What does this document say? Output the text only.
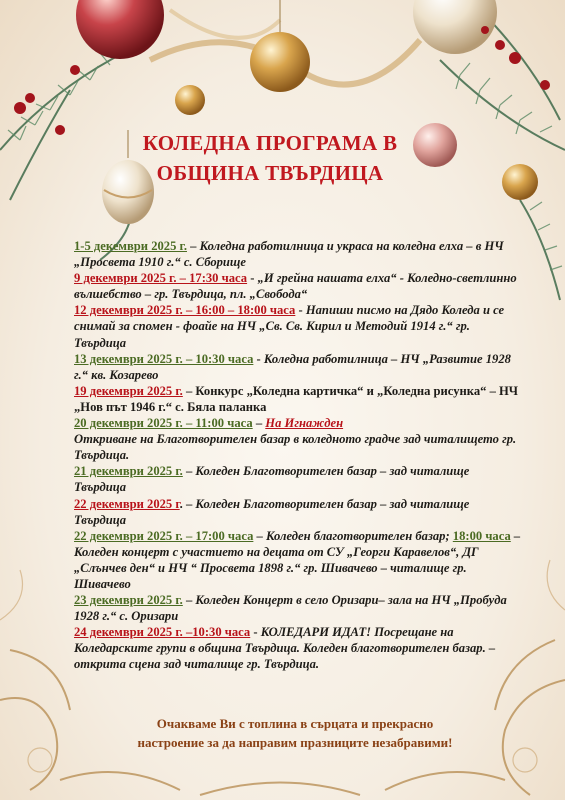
КОЛЕДНА ПРОГРАМА В
ОБЩИНА ТВЪРДИЦА

1-5 декември 2025 г. – Коледна работилница и украса на коледна елха – в НЧ „Просвета 1910 г.“ с. Сборище

9 декември 2025 г. – 17:30 часа - „И грейна нашата елха“ - Коледно-светлинно вълшебство – гр. Твърдица, пл. „Свобода“

12 декември 2025 г. – 16:00 – 18:00 часа - Напиши писмо на Дядо Коледа и се снимай за спомен - фоайе на НЧ „Св. Св. Кирил и Методий 1914 г.“ гр. Твърдица

13 декември 2025 г. – 10:30 часа - Коледна работилница – НЧ „Развитие 1928 г.“ кв. Козарево

19 декември 2025 г. – Конкурс „Коледна картичка“ и „Коледна рисунка“ – НЧ „Нов път 1946 г.“ с. Бяла паланка

20 декември 2025 г. – 11:00 часа – На Игнажден
Откриване на Благотворителен базар в коледното градче зад читалището гр. Твърдица.

21 декември 2025 г. – Коледен Благотворителен базар – зад читалище Твърдица

22 декември 2025 г. – Коледен Благотворителен базар – зад читалище Твърдица

22 декември 2025 г. – 17:00 часа – Коледен благотворителен базар; 18:00 часа – Коледен концерт с участието на децата от СУ „Георги Каравелов“, ДГ „Слънчев ден“ и НЧ “ Просвета 1898 г.“ гр. Шивачево – читалище гр. Шивачево

23 декември 2025 г. – Коледен Концерт в село Оризари– зала на НЧ „Пробуда 1928 г.“ с. Оризари

24 декември 2025 г. –10:30 часа - КОЛЕДАРИ ИДАТ! Посрещане на Коледарските групи в община Твърдица. Коледен благотворителен базар. – открита сцена зад читалище гр. Твърдица.

Очакваме Ви с топлина в сърцата и прекрасно
настроение за да направим празниците незабравими!
